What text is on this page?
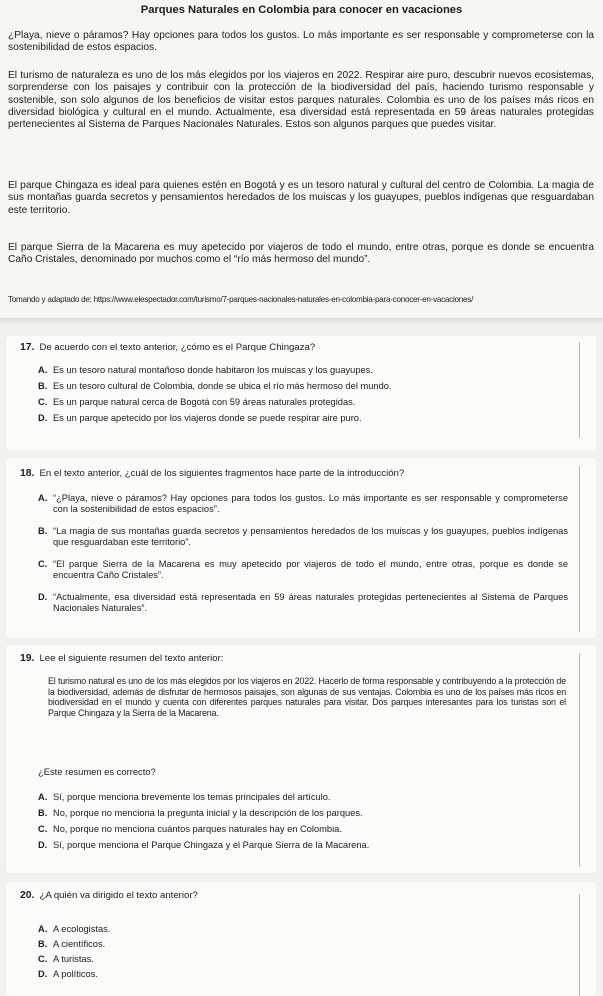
Parques Naturales en Colombia para conocer en vacaciones
¿Playa, nieve o páramos? Hay opciones para todos los gustos. Lo más importante es ser responsable y comprometerse con la sostenibilidad de estos espacios.
El turismo de naturaleza es uno de los más elegidos por los viajeros en 2022. Respirar aire puro, descubrir nuevos ecosistemas, sorprenderse con los paisajes y contribuir con la protección de la biodiversidad del país, haciendo turismo responsable y sostenible, son solo algunos de los beneficios de visitar estos parques naturales. Colombia es uno de los países más ricos en diversidad biológica y cultural en el mundo. Actualmente, esa diversidad está representada en 59 áreas naturales protegidas pertenecientes al Sistema de Parques Nacionales Naturales. Estos son algunos parques que puedes visitar.
El parque Chingaza es ideal para quienes estén en Bogotá y es un tesoro natural y cultural del centro de Colombia. La magia de sus montañas guarda secretos y pensamientos heredados de los muiscas y los guayupes, pueblos indígenas que resguardaban este territorio.
El parque Sierra de la Macarena es muy apetecido por viajeros de todo el mundo, entre otras, porque es donde se encuentra Caño Cristales, denominado por muchos como el “río más hermoso del mundo”.
Tomando y adaptado de: https://www.elespectador.com/turismo/7-parques-nacionales-naturales-en-colombia-para-conocer-en-vacaciones/
17. De acuerdo con el texto anterior, ¿cómo es el Parque Chingaza?
A. Es un tesoro natural montañoso donde habitaron los muiscas y los guayupes.
B. Es un tesoro cultural de Colombia, donde se ubica el río más hermoso del mundo.
C. Es un parque natural cerca de Bogotá con 59 áreas naturales protegidas.
D. Es un parque apetecido por los viajeros donde se puede respirar aire puro.
18. En el texto anterior, ¿cuál de los siguientes fragmentos hace parte de la introducción?
A. “¿Playa, nieve o páramos? Hay opciones para todos los gustos. Lo más importante es ser responsable y comprometerse con la sostenibilidad de estos espacios”.
B. “La magia de sus montañas guarda secretos y pensamientos heredados de los muiscas y los guayupes, pueblos indígenas que resguardaban este territorio”.
C. “El parque Sierra de la Macarena es muy apetecido por viajeros de todo el mundo, entre otras, porque es donde se encuentra Caño Cristales”.
D. “Actualmente, esa diversidad está representada en 59 áreas naturales protegidas pertenecientes al Sistema de Parques Nacionales Naturales”.
19. Lee el siguiente resumen del texto anterior:
El turismo natural es uno de los más elegidos por los viajeros en 2022. Hacerlo de forma responsable y contribuyendo a la protección de la biodiversidad, además de disfrutar de hermosos paisajes, son algunas de sus ventajas. Colombia es uno de los países más ricos en biodiversidad en el mundo y cuenta con diferentes parques naturales para visitar. Dos parques interesantes para los turistas son el Parque Chingaza y la Sierra de la Macarena.
¿Este resumen es correcto?
A. Sí, porque menciona brevemente los temas principales del artículo.
B. No, porque no menciona la pregunta inicial y la descripción de los parques.
C. No, porque no menciona cuántos parques naturales hay en Colombia.
D. Sí, porque menciona el Parque Chingaza y el Parque Sierra de la Macarena.
20. ¿A quién va dirigido el texto anterior?
A. A ecologistas.
B. A científicos.
C. A turistas.
D. A políticos.
